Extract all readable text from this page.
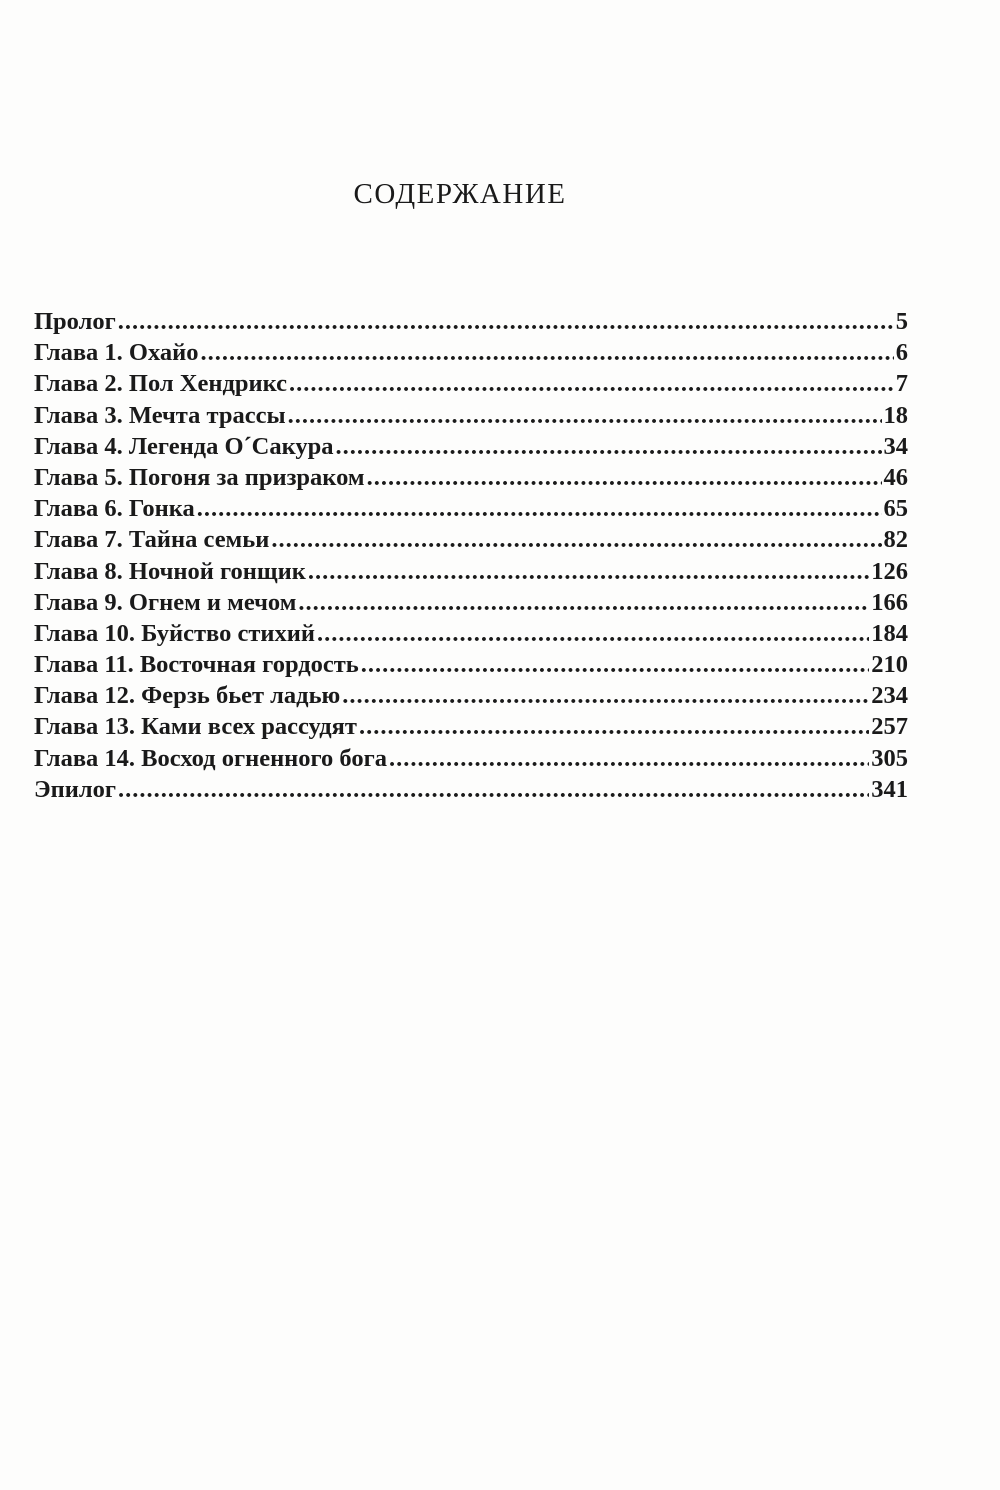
СОДЕРЖАНИЕ
Пролог .....	5
Глава 1. Охайо .....	6
Глава 2. Пол Хендрикс .....	7
Глава 3. Мечта трассы .....	18
Глава 4. Легенда О´Сакура .....	34
Глава 5. Погоня за призраком .....	46
Глава 6. Гонка .....	65
Глава 7. Тайна семьи .....	82
Глава 8. Ночной гонщик .....	126
Глава 9. Огнем и мечом .....	166
Глава 10. Буйство стихий .....	184
Глава 11. Восточная гордость .....	210
Глава 12. Ферзь бьет ладью .....	234
Глава 13. Ками всех рассудят .....	257
Глава 14. Восход огненного бога .....	305
Эпилог .....	341
